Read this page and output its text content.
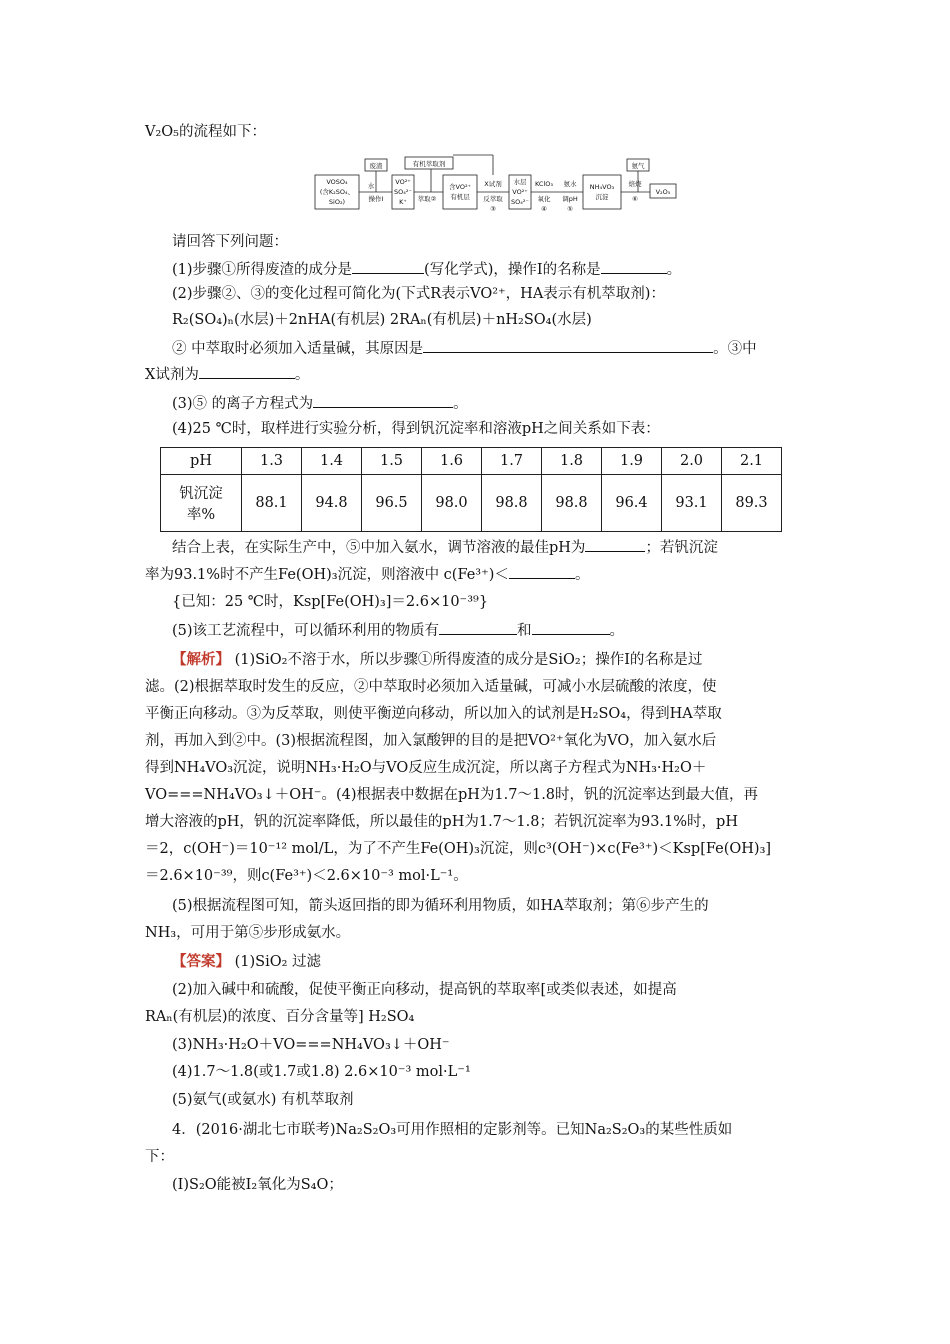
V₂O₅的流程如下：
VOSO₄
(含K₂SO₄、
SiO₂)
废渣
VO²⁺
SO₄²⁻
K⁺
有机萃取剂
含VO²⁺
有机层
水层
VO²⁺
SO₄²⁻
NH₄VO₃
沉淀
氨气
V₂O₅
水
操作Ⅰ	萃取②
X试剂
反萃取
③
KClO₃
氧化
④
氨水
调pH
⑤
焙烧
⑥
请回答下列问题：
(1)步骤①所得废渣的成分是	(写化学式)，操作Ⅰ的名称是	。
(2)步骤②、③的变化过程可简化为(下式R表示VO²⁺，HA表示有机萃取剂)：
R₂(SO₄)ₙ(水层)＋2nHA(有机层) 2RAₙ(有机层)＋nH₂SO₄(水层)
② 中萃取时必须加入适量碱，其原因是	。③中
X试剂为	。
(3)⑤ 的离子方程式为	。
(4)25 ℃时，取样进行实验分析，得到钒沉淀率和溶液pH之间关系如下表：
pH	1.3	1.4	1.5	1.6	1.7	1.8	1.9	2.0	2.1

钒沉淀
率%	88.1	94.8	96.5	98.0	98.8	98.8	96.4	93.1	89.3
结合上表，在实际生产中，⑤中加入氨水，调节溶液的最佳pH为	；若钒沉淀
率为93.1%时不产生Fe(OH)₃沉淀，则溶液中 c(Fe³⁺)＜	。
{已知：25 ℃时，Ksp[Fe(OH)₃]＝2.6×10⁻³⁹}
(5)该工艺流程中，可以循环利用的物质有	和	。
【解析】 (1)SiO₂不溶于水，所以步骤①所得废渣的成分是SiO₂；操作Ⅰ的名称是过
滤。(2)根据萃取时发生的反应，②中萃取时必须加入适量碱，可减小水层硫酸的浓度，使
平衡正向移动。③为反萃取，则使平衡逆向移动，所以加入的试剂是H₂SO₄，得到HA萃取
剂，再加入到②中。(3)根据流程图，加入氯酸钾的目的是把VO²⁺氧化为VO，加入氨水后
得到NH₄VO₃沉淀，说明NH₃·H₂O与VO反应生成沉淀，所以离子方程式为NH₃·H₂O＋
VO===NH₄VO₃↓＋OH⁻。(4)根据表中数据在pH为1.7～1.8时，钒的沉淀率达到最大值，再
增大溶液的pH，钒的沉淀率降低，所以最佳的pH为1.7～1.8；若钒沉淀率为93.1%时，pH
＝2，c(OH⁻)＝10⁻¹² mol/L，为了不产生Fe(OH)₃沉淀，则c³(OH⁻)×c(Fe³⁺)＜Ksp[Fe(OH)₃]
＝2.6×10⁻³⁹，则c(Fe³⁺)＜2.6×10⁻³ mol·L⁻¹。
(5)根据流程图可知，箭头返回指的即为循环利用物质，如HA萃取剂；第⑥步产生的
NH₃，可用于第⑤步形成氨水。
【答案】 (1)SiO₂ 过滤
(2)加入碱中和硫酸，促使平衡正向移动，提高钒的萃取率[或类似表述，如提高
RAₙ(有机层)的浓度、百分含量等] H₂SO₄
(3)NH₃·H₂O＋VO===NH₄VO₃↓＋OH⁻
(4)1.7～1.8(或1.7或1.8) 2.6×10⁻³ mol·L⁻¹
(5)氨气(或氨水) 有机萃取剂
4．(2016·湖北七市联考)Na₂S₂O₃可用作照相的定影剂等。已知Na₂S₂O₃的某些性质如
下：
(Ⅰ)S₂O能被I₂氧化为S₄O；
